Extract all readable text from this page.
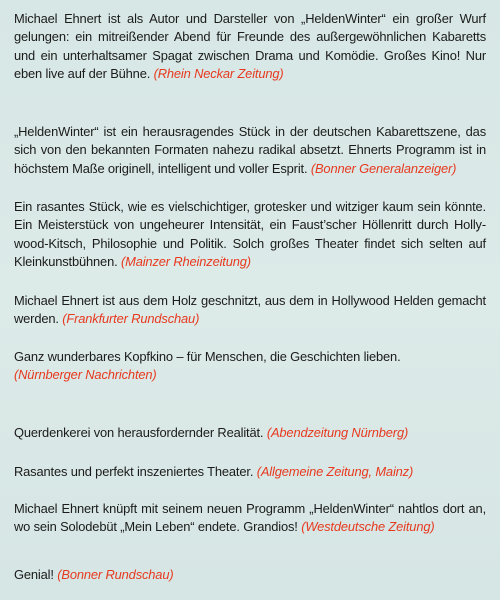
Michael Ehnert ist als Autor und Darsteller von „HeldenWinter“ ein großer Wurf gelungen: ein mitreißender Abend für Freunde des außergewöhnlichen Kabaretts und ein unterhaltsamer Spagat zwischen Drama und Komödie. Großes Kino! Nur eben live auf der Bühne. (Rhein Neckar Zeitung)

„HeldenWinter“ ist ein herausragendes Stück in der deutschen Kabarettszene, das sich von den bekannten Formaten nahezu radikal absetzt. Ehnerts Programm ist in höchstem Maße originell, intelligent und voller Esprit. (Bonner Generalanzeiger)

Ein rasantes Stück, wie es vielschichtiger, grotesker und witziger kaum sein könnte. Ein Meisterstück von ungeheurer Intensität, ein Faust’scher Höllenritt durch Holly-wood-Kitsch, Philosophie und Politik. Solch großes Theater findet sich selten auf Kleinkunstbühnen. (Mainzer Rheinzeitung)

Michael Ehnert ist aus dem Holz geschnitzt, aus dem in Hollywood Helden gemacht werden. (Frankfurter Rundschau)

Ganz wunderbares Kopfkino – für Menschen, die Geschichten lieben.
(Nürnberger Nachrichten)

Querdenkerei von herausfordernder Realität. (Abendzeitung Nürnberg)

Rasantes und perfekt inszeniertes Theater. (Allgemeine Zeitung, Mainz)

Michael Ehnert knüpft mit seinem neuen Programm „HeldenWinter“ nahtlos dort an, wo sein Solodebüt „Mein Leben“ endete. Grandios! (Westdeutsche Zeitung)

Genial! (Bonner Rundschau)
